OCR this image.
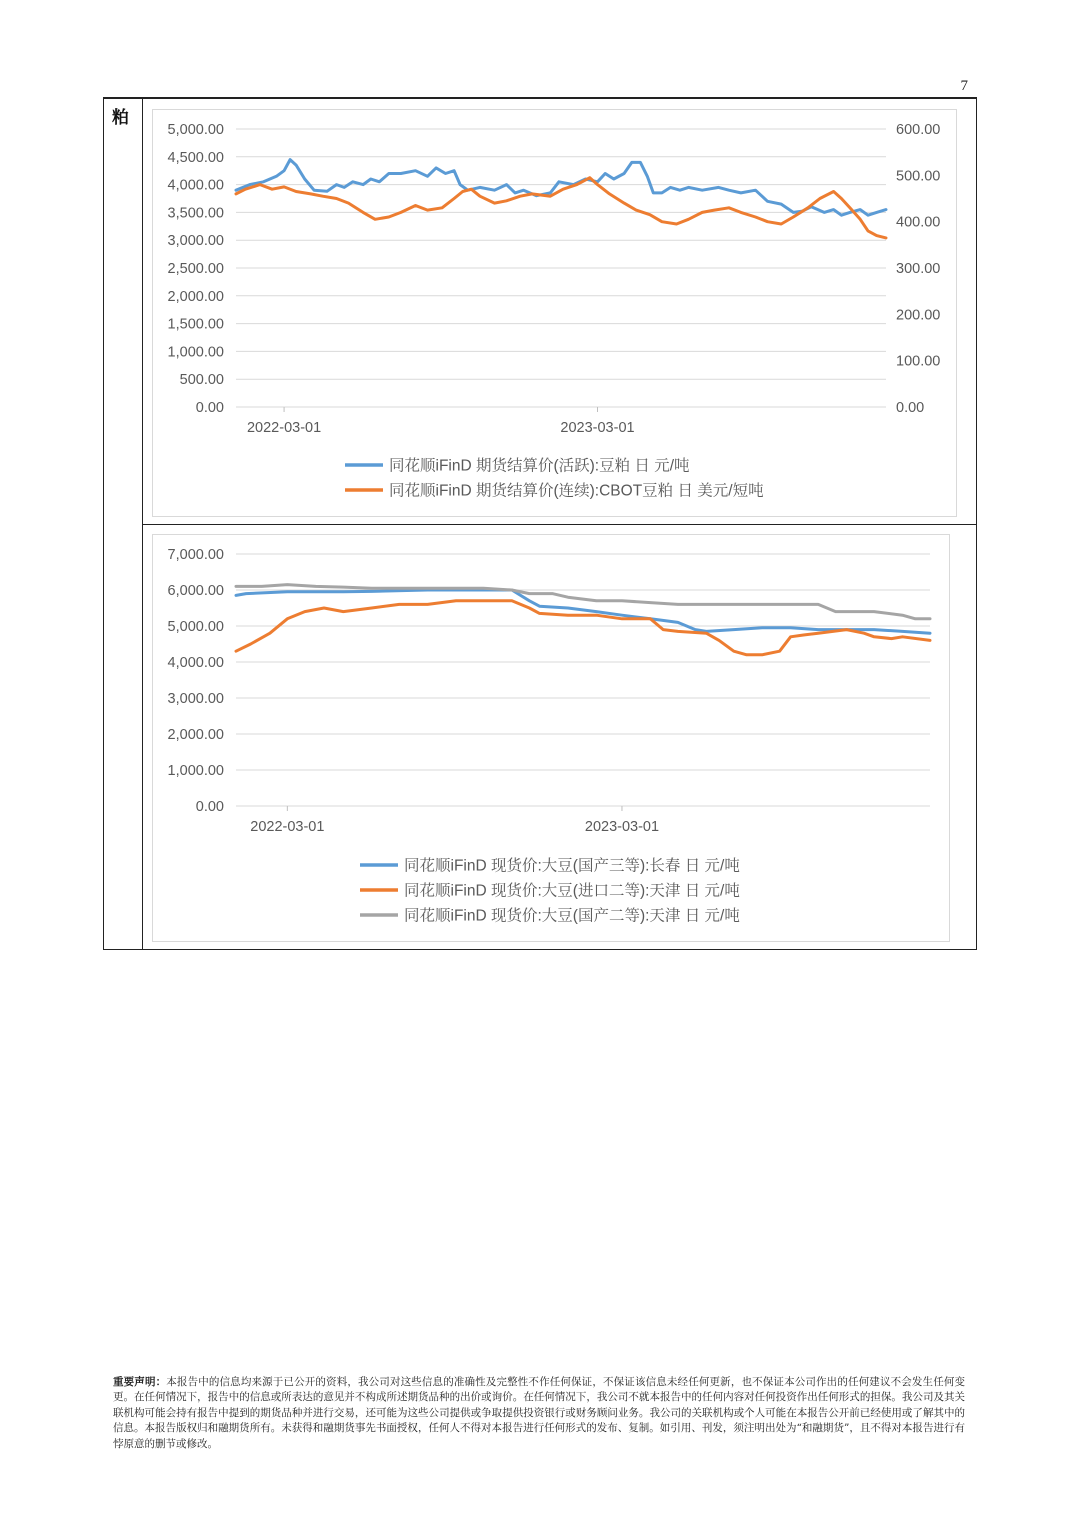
7
粕
0.00
500.00
1,000.00
1,500.00
2,000.00
2,500.00
3,000.00
3,500.00
4,000.00
4,500.00
5,000.00
0.00
100.00
200.00
300.00
400.00
500.00
600.00
2022-03-01	2023-03-01
同花顺iFinD 期货结算价(活跃):豆粕 日 元/吨
同花顺iFinD 期货结算价(连续):CBOT豆粕 日 美元/短吨
0.00
1,000.00
2,000.00
3,000.00
4,000.00
5,000.00
6,000.00
7,000.00
2022-03-01	2023-03-01
同花顺iFinD 现货价:大豆(国产三等):长春 日 元/吨
同花顺iFinD 现货价:大豆(进口二等):天津 日 元/吨
同花顺iFinD 现货价:大豆(国产二等):天津 日 元/吨
重要声明：本报告中的信息均来源于已公开的资料，我公司对这些信息的准确性及完整性不作任何保证，不保证该信息未经任何更新，也不保证本公司作出的任何建议不会发生任何变更。在任何情况下，报告中的信息或所表达的意见并不构成所述期货品种的出价或询价。在任何情况下，我公司不就本报告中的任何内容对任何投资作出任何形式的担保。我公司及其关联机构可能会持有报告中提到的期货品种并进行交易，还可能为这些公司提供或争取提供投资银行或财务顾问业务。我公司的关联机构或个人可能在本报告公开前已经使用或了解其中的信息。本报告版权归和融期货所有。未获得和融期货事先书面授权，任何人不得对本报告进行任何形式的发布、复制。如引用、刊发，须注明出处为“和融期货”，且不得对本报告进行有悖原意的删节或修改。
